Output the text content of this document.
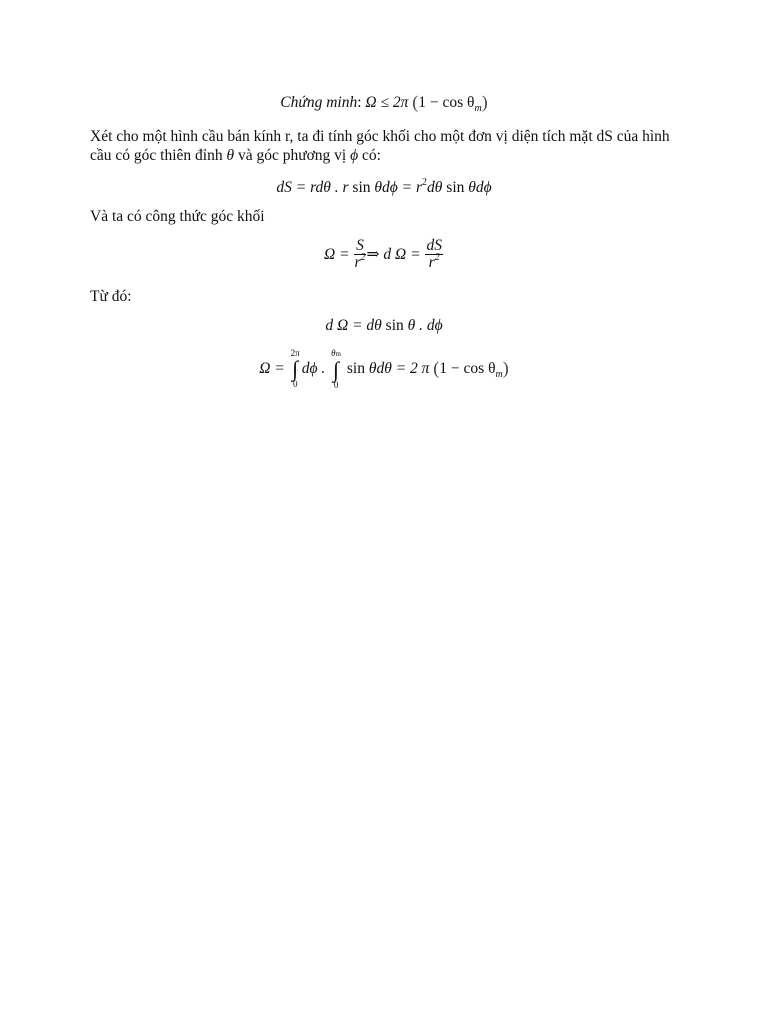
Chứng minh: Ω ≤ 2π $(1 - \cos \theta_m)$
Xét cho một hình cầu bán kính r, ta đi tính góc khối cho một đơn vị diện tích mặt dS của hình
cầu có góc thiên đỉnh θ và góc phương vị ϕ có:
dS = rdθ . r $\sin \theta d\phi = r^2d\theta$ sin θdϕ
Và ta có công thức góc khối
$\Omega = \frac{S}{r^2}$ ⇒ d $\Omega = \frac{dS}{r^2}$
Từ đó:
d Ω = dθ sin θ . dϕ
Ω =
2π
∫
0
dϕ .
θm
∫
0
sin θdθ = 2 π $(1 - \cos \theta_m)$
